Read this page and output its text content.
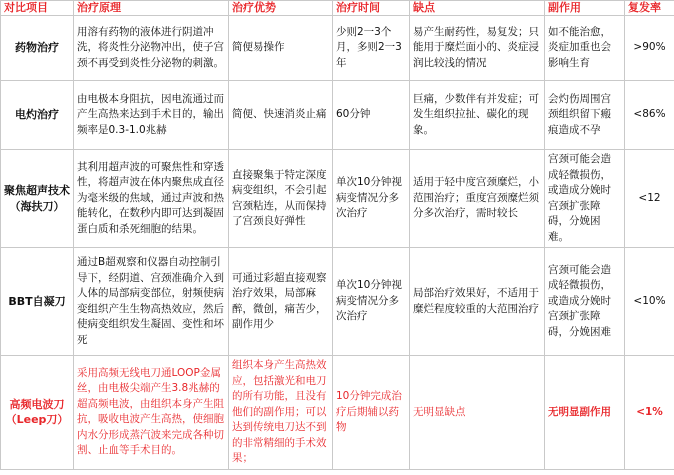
对比项目	治疗原理	治疗优势	治疗时间	缺点	副作用	复发率
药物治疗	用溶有药物的液体进行阴道冲洗，将炎性分泌物冲出，使子宫颈不再受到炎性分泌物的刺激。	简便易操作	少则2一3个月，多则2一3年	易产生耐药性，易复发；只能用于糜烂面小的、炎症浸润比较浅的情况	如不能治愈，炎症加重也会影响生育	>90%
电灼治疗	由电极本身阻抗，因电流通过而产生高热来达到手术目的，输出频率是0.3-1.0兆赫	简便、快速消炎止痛	60分钟	巨痛，少数伴有并发症；可发生组织拉扯、碳化的现象。	会灼伤周围宫颈组织留下瘢痕造成不孕	<86%
聚焦超声技术（海扶刀）	其利用超声波的可聚焦性和穿透性，将超声波在体内聚焦成直径为毫米级的焦域，通过声波和热能转化，在数秒内即可达到凝固蛋白质和杀死细胞的结果。	直接聚集于特定深度病变组织，不会引起宫颈粘连，从而保持了宫颈良好弹性	单次10分钟视病变情况分多次治疗	适用于轻中度宫颈糜烂，小范围治疗；重度宫颈糜烂须分多次治疗，需时较长	宫颈可能会造成轻微损伤，或造成分娩时宫颈扩张障碍，分娩困难。	<12
BBT自凝刀	通过B超观察和仪器自动控制引导下，经阴道、宫颈准确介入到人体的局部病变部位，射频使病变组织产生生物高热效应，然后使病变组织发生凝固、变性和坏死	可通过彩超直接观察治疗效果，局部麻醉，微创，痛苦少，副作用少	单次10分钟视病变情况分多次治疗	局部治疗效果好，不适用于糜烂程度较重的大范围治疗	宫颈可能会造成轻微损伤，或造成分娩时宫颈扩张障碍，分娩困难	<10%
高频电波刀（Leep刀）	采用高频无线电刀通LOOP金属丝，由电极尖端产生3.8兆赫的超高频电波，由组织本身产生阻抗，吸收电波产生高热，使细胞内水分形成蒸汽波来完成各种切割、止血等手术目的。	组织本身产生高热效应，包括激光和电刀的所有功能，且没有他们的副作用；可以达到传统电刀达不到的非常精细的手术效果；	10分钟完成治疗后期辅以药物	无明显缺点	无明显副作用	<1%
